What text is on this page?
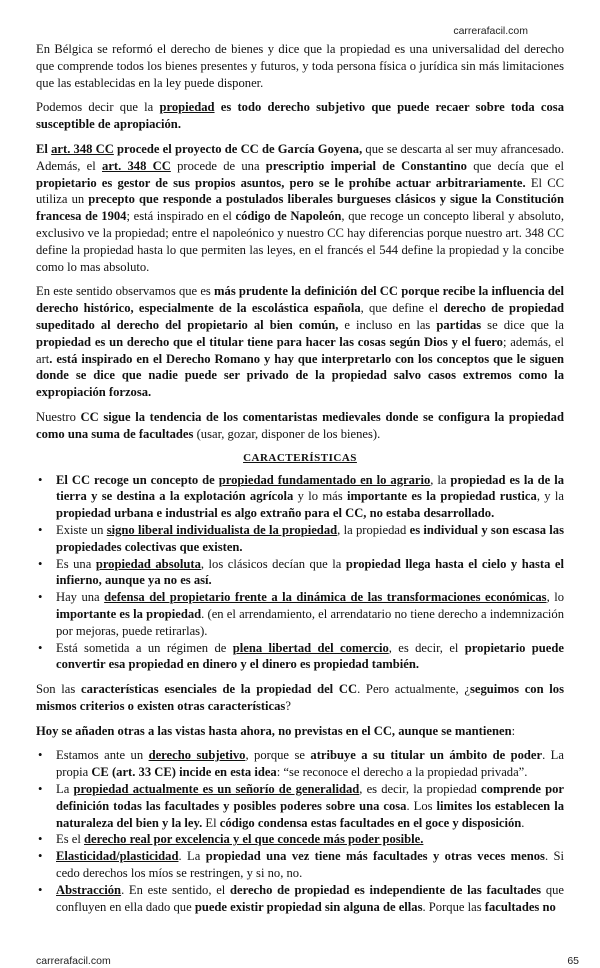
carrerafacil.com

En Bélgica se reformó el derecho de bienes y dice que la propiedad es una universalidad del derecho que comprende todos los bienes presentes y futuros, y toda persona física o jurídica sin más limitaciones que las establecidas en la ley puede disponer.

Podemos decir que la propiedad es todo derecho subjetivo que puede recaer sobre toda cosa susceptible de apropiación.

El art. 348 CC procede el proyecto de CC de García Goyena, que se descarta al ser muy afrancesado. Además, el art. 348 CC procede de una prescriptio imperial de Constantino que decía que el propietario es gestor de sus propios asuntos, pero se le prohíbe actuar arbitrariamente. El CC utiliza un precepto que responde a postulados liberales burgueses clásicos y sigue la Constitución francesa de 1904; está inspirado en el código de Napoleón, que recoge un concepto liberal y absoluto, exclusivo ve la propiedad; entre el napoleónico y nuestro CC hay diferencias porque nuestro art. 348 CC define la propiedad hasta lo que permiten las leyes, en el francés el 544 define la propiedad y la concibe como lo mas absoluto.

En este sentido observamos que es más prudente la definición del CC porque recibe la influencia del derecho histórico, especialmente de la escolástica española, que define el derecho de propiedad supeditado al derecho del propietario al bien común, e incluso en las partidas se dice que la propiedad es un derecho que el titular tiene para hacer las cosas según Dios y el fuero; además, el art. está inspirado en el Derecho Romano y hay que interpretarlo con los conceptos que le siguen donde se dice que nadie puede ser privado de la propiedad salvo casos extremos como la expropiación forzosa.

Nuestro CC sigue la tendencia de los comentaristas medievales donde se configura la propiedad como una suma de facultades (usar, gozar, disponer de los bienes).

CARACTERÍSTICAS
• El CC recoge un concepto de propiedad fundamentado en lo agrario, la propiedad es la de la tierra y se destina a la explotación agrícola y lo más importante es la propiedad rustica, y la propiedad urbana e industrial es algo extraño para el CC, no estaba desarrollado.
• Existe un signo liberal individualista de la propiedad, la propiedad es individual y son escasa las propiedades colectivas que existen.
• Es una propiedad absoluta, los clásicos decían que la propiedad llega hasta el cielo y hasta el infierno, aunque ya no es así.
• Hay una defensa del propietario frente a la dinámica de las transformaciones económicas, lo importante es la propiedad. (en el arrendamiento, el arrendatario no tiene derecho a indemnización por mejoras, puede retirarlas).
• Está sometida a un régimen de plena libertad del comercio, es decir, el propietario puede convertir esa propiedad en dinero y el dinero es propiedad también.

Son las características esenciales de la propiedad del CC. Pero actualmente, ¿seguimos con los mismos criterios o existen otras características?

Hoy se añaden otras a las vistas hasta ahora, no previstas en el CC, aunque se mantienen:

• Estamos ante un derecho subjetivo, porque se atribuye a su titular un ámbito de poder. La propia CE (art. 33 CE) incide en esta idea: “se reconoce el derecho a la propiedad privada”.
• La propiedad actualmente es un señorío de generalidad, es decir, la propiedad comprende por definición todas las facultades y posibles poderes sobre una cosa. Los limites los establecen la naturaleza del bien y la ley. El código condensa estas facultades en el goce y disposición.
• Es el derecho real por excelencia y el que concede más poder posible.
• Elasticidad/plasticidad. La propiedad una vez tiene más facultades y otras veces menos. Si cedo derechos los míos se restringen, y si no, no.
• Abstracción. En este sentido, el derecho de propiedad es independiente de las facultades que confluyen en ella dado que puede existir propiedad sin alguna de ellas. Porque las facultades no
carrerafacil.com	65
